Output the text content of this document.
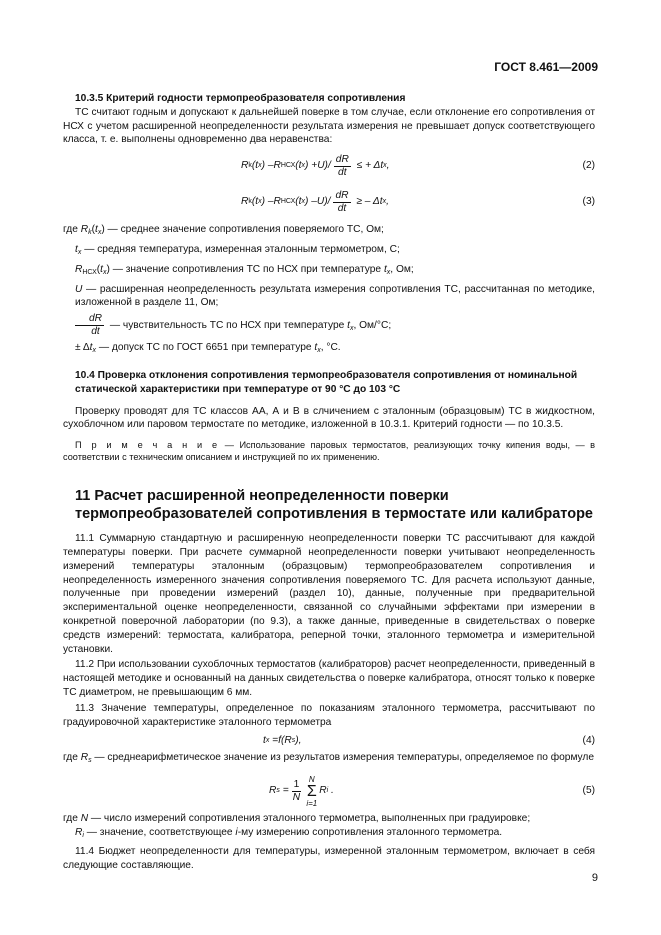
ГОСТ 8.461—2009

10.3.5 Критерий годности термопреобразователя сопротивления

ТС считают годным и допускают к дальнейшей поверке в том случае, если отклонение его сопротивления от НСХ с учетом расширенной неопределенности результата измерения не превышает допуск соответствующего класса, т. е. выполнены одновременно два неравенства:

R k ( t x ) – R НСХ ( t x ) + U )/ $\frac{dR}{dt}$ ≤ + Δ t x ,	(2)
R k ( t x ) – R НСХ ( t x ) – U )/ $\frac{dR}{dt}$ ≥ – Δ t x ,	(3)

где $R_k(t_x)$ — среднее значение сопротивления поверяемого ТС, Ом;

$t_x$ — средняя температура, измеренная эталонным термометром, С;

$R_{НСХ}(t_x)$ — значение сопротивления ТС по НСХ при температуре $t_x$, Ом;

U — расширенная неопределенность результата измерения сопротивления ТС, рассчитанная по методике, изложенной в разделе 11, Ом;

$\frac{dR}{dt}$ — чувствительность ТС по НСХ при температуре $t_x$, Ом/°С;

± $\Delta t_x$ — допуск ТС по ГОСТ 6651 при температуре $t_x$, °С.

10.4 Проверка отклонения сопротивления термопреобразователя сопротивления от номинальной статической характеристики при температуре от 90 °С до 103 °С

Проверку проводят для ТС классов АА, А и В в слчичением с эталонным (образцовым) ТС в жидкостном, сухоблочном или паровом термостате по методике, изложенной в 10.3.1. Критерий годности — по 10.3.5.

П р и м е ч а н и е — Использование паровых термостатов, реализующих точку кипения воды, — в соответствии с техническим описанием и инструкцией по их применению.

11 Расчет расширенной неопределенности поверки термопреобразователей сопротивления в термостате или калибраторе

11.1 Суммарную стандартную и расширенную неопределенности поверки ТС рассчитывают для каждой температуры поверки. При расчете суммарной неопределенности поверки учитывают неопределенность измерений температуры эталонным (образцовым) термопреобразователем сопротивления и неопределенность измеренного значения сопротивления поверяемого ТС. Для расчета используют данные, полученные при проведении измерений (раздел 10), данные, полученные при предварительной экспериментальной оценке неопределенности, связанной со случайными эффектами при измерении в конкретной поверочной лаборатории (по 9.3), а также данные, приведенные в свидетельствах о поверке средств измерений: термостата, калибратора, реперной точки, эталонного термометра и измерительной установки.

11.2 При использовании сухоблочных термостатов (калибраторов) расчет неопределенности, приведенный в настоящей методике и основанный на данных свидетельства о поверке калибратора, относят только к поверке ТС диаметром, не превышающим 6 мм.

11.3 Значение температуры, определенное по показаниям эталонного термометра, рассчитывают по градуировочной характеристике эталонного термометра

t x = f ( R s ),	(4)

где $R_s$ — среднеарифметическое значение из результатов измерения температуры, определяемое по формуле

R $s = \frac{1}{N}$ N
Σ
i=1
R i .	(5)

где N — число измерений сопротивления эталонного термометра, выполненных при градуировке;

$R_i$ — значение, соответствующее i-му измерению сопротивления эталонного термометра.

11.4 Бюджет неопределенности для температуры, измеренной эталонным термометром, включает в себя следующие составляющие.

9
